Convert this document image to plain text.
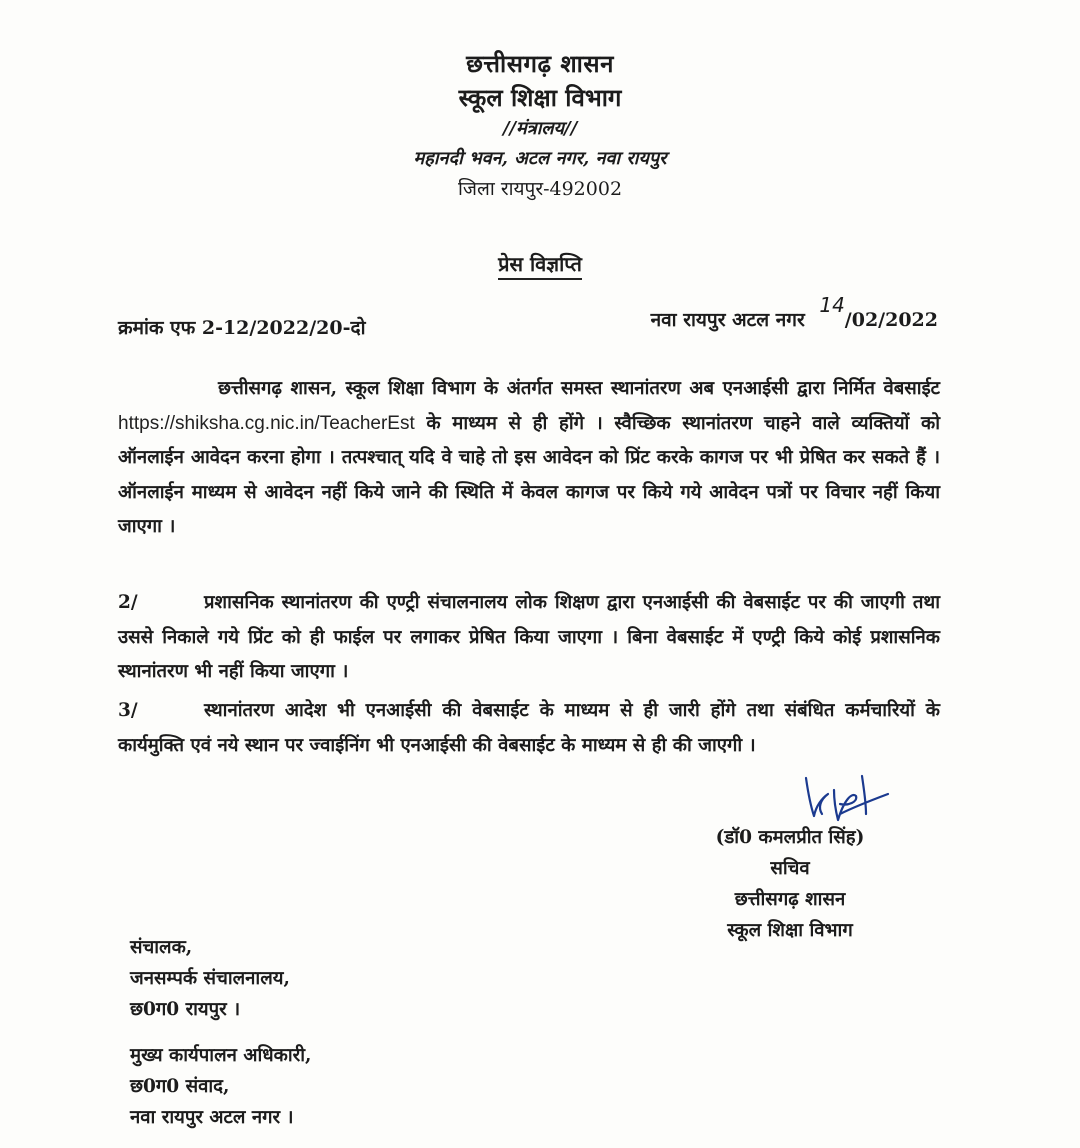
छत्तीसगढ़ शासन
स्कूल शिक्षा विभाग
//मंत्रालय//
महानदी भवन, अटल नगर, नवा रायपुर
जिला रायपुर-492002
प्रेस विज्ञप्ति
क्रमांक एफ 2-12/2022/20-दो	नवा रायपुर अटल नगर 14/02/2022
छत्तीसगढ़ शासन, स्कूल शिक्षा विभाग के अंतर्गत समस्त स्थानांतरण अब एनआईसी द्वारा निर्मित वेबसाईट https://shiksha.cg.nic.in/TeacherEst के माध्यम से ही होंगे । स्वैच्छिक स्थानांतरण चाहने वाले व्यक्तियों को ऑनलाईन आवेदन करना होगा । तत्पश्चात् यदि वे चाहे तो इस आवेदन को प्रिंट करके कागज पर भी प्रेषित कर सकते हैं । ऑनलाईन माध्यम से आवेदन नहीं किये जाने की स्थिति में केवल कागज पर किये गये आवेदन पत्रों पर विचार नहीं किया जाएगा ।
2/	प्रशासनिक स्थानांतरण की एण्ट्री संचालनालय लोक शिक्षण द्वारा एनआईसी की वेबसाईट पर की जाएगी तथा उससे निकाले गये प्रिंट को ही फाईल पर लगाकर प्रेषित किया जाएगा । बिना वेबसाईट में एण्ट्री किये कोई प्रशासनिक स्थानांतरण भी नहीं किया जाएगा ।
3/	स्थानांतरण आदेश भी एनआईसी की वेबसाईट के माध्यम से ही जारी होंगे तथा संबंधित कर्मचारियों के कार्यमुक्ति एवं नये स्थान पर ज्वाईनिंग भी एनआईसी की वेबसाईट के माध्यम से ही की जाएगी ।
(डॉ0 कमलप्रीत सिंह)
सचिव
छत्तीसगढ़ शासन
स्कूल शिक्षा विभाग
संचालक,
जनसम्पर्क संचालनालय,
छ0ग0 रायपुर ।
मुख्य कार्यपालन अधिकारी,
छ0ग0 संवाद,
नवा रायपुर अटल नगर ।
